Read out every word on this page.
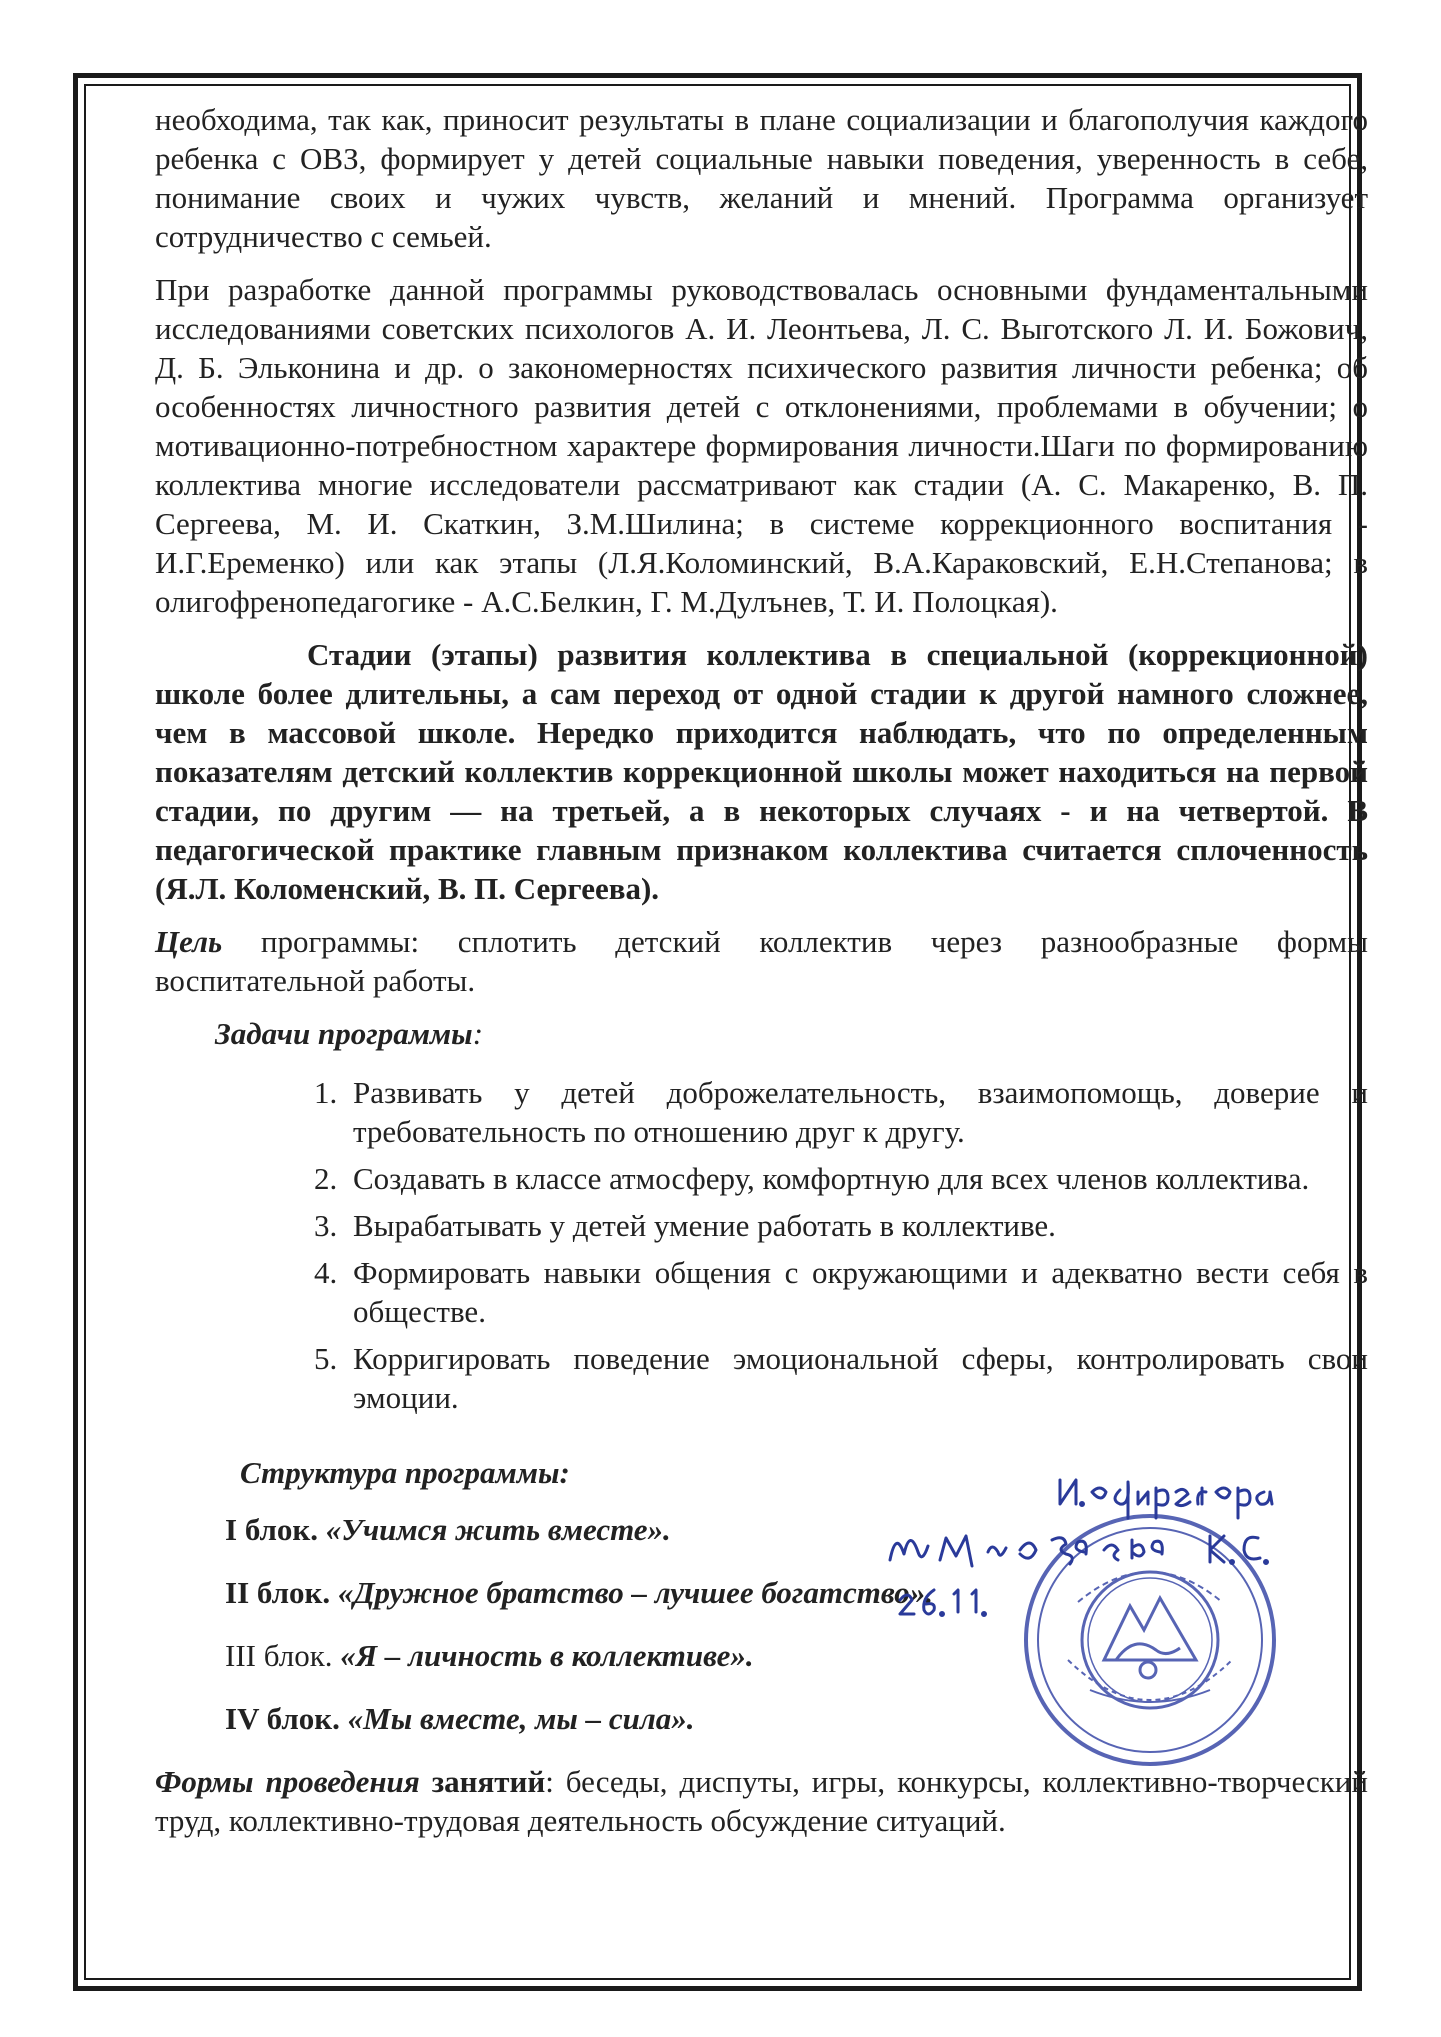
необходима, так как, приносит результаты в плане социализации и благополучия каждого ребенка с ОВЗ, формирует у детей социальные навыки поведения, уверенность в себе, понимание своих и чужих чувств, желаний и мнений. Программа организует сотрудничество с семьей.

При разработке данной программы руководствовалась основными фундаментальными исследованиями советских психологов А. И. Леонтьева, Л. С. Выготского Л. И. Божович, Д. Б. Эльконина и др. о закономерностях психического развития личности ребенка; об особенностях личностного развития детей с отклонениями, проблемами в обучении; о мотивационно-потребностном характере формирования личности.Шаги по формированию коллектива многие исследователи рассматривают как стадии (А. С. Макаренко, В. П. Сергеева, М. И. Скаткин, З.М.Шилина; в системе коррекционного воспитания - И.Г.Еременко) или как этапы (Л.Я.Коломинский, В.А.Караковский, Е.Н.Степанова; в олигофренопедагогике - А.С.Белкин, Г. М.Дулънев, Т. И. Полоцкая).

Стадии (этапы) развития коллектива в специальной (коррекционной) школе более длительны, а сам переход от одной стадии к другой намного сложнее, чем в массовой школе. Нередко приходится наблюдать, что по определенным показателям детский коллектив коррекционной школы может находиться на первой стадии, по другим — на третьей, а в некоторых случаях - и на четвертой. В педагогической практике главным признаком коллектива считается сплоченность (Я.Л. Коломенский, В. П. Сергеева).

Цель программы: сплотить детский коллектив через разнообразные формы воспитательной работы.

Задачи программы:
1. Развивать у детей доброжелательность, взаимопомощь, доверие и требовательность по отношению друг к другу.
2. Создавать в классе атмосферу, комфортную для всех членов коллектива.
3. Вырабатывать у детей умение работать в коллективе.
4. Формировать навыки общения с окружающими и адекватно вести себя в обществе.
5. Корригировать поведение эмоциональной сферы, контролировать свои эмоции.
Структура программы:
I блок. «Учимся жить вместе».
II блок. «Дружное братство – лучшее богатство».
III блок. «Я – личность в коллективе».
IV блок. «Мы вместе, мы – сила».

Формы проведения занятий: беседы, диспуты, игры, конкурсы, коллективно-творческий труд, коллективно-трудовая деятельность обсуждение ситуаций.
